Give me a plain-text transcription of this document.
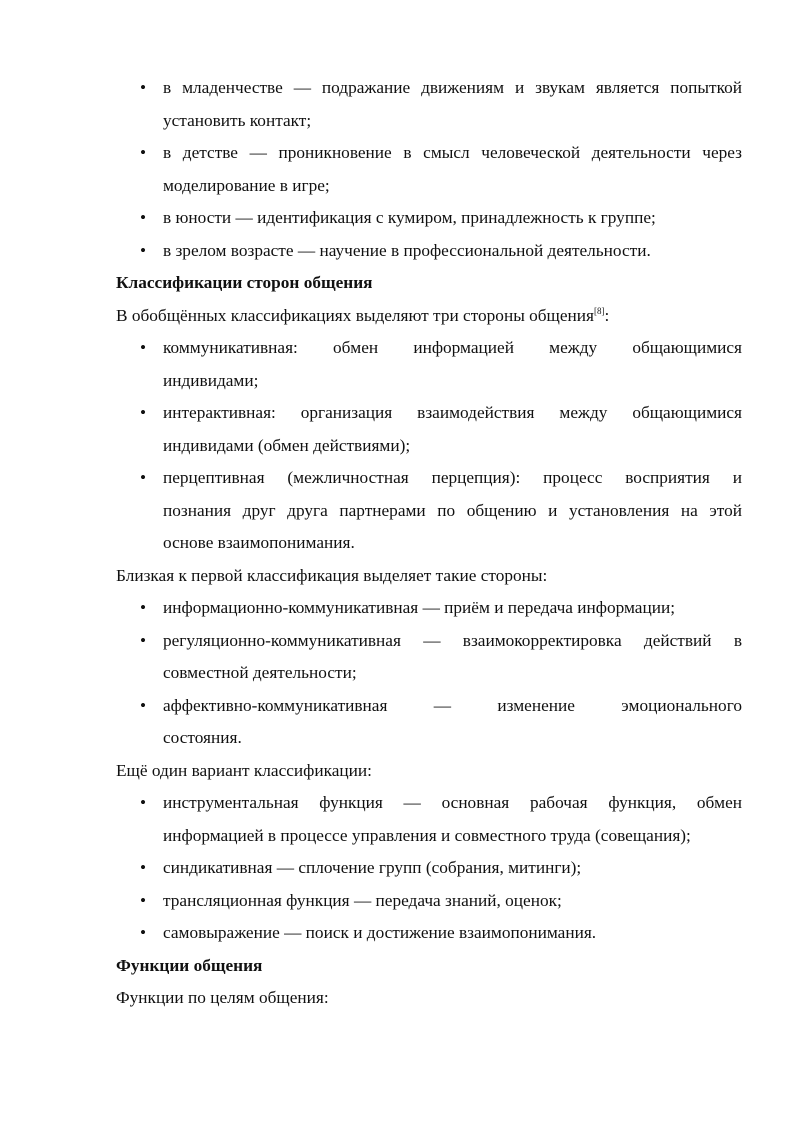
• в младенчестве — подражание движениям и звукам является попыткой
установить контакт;
• в детстве — проникновение в смысл человеческой деятельности через
моделирование в игре;
• в юности — идентификация с кумиром, принадлежность к группе;
• в зрелом возрасте — научение в профессиональной деятельности.

Классификации сторон общения

В обобщённых классификациях выделяют три стороны общения[8]:

• коммуникативная: обмен информацией между общающимися
индивидами;
• интерактивная: организация взаимодействия между общающимися
индивидами (обмен действиями);
• перцептивная (межличностная перцепция): процесс восприятия и
познания друг друга партнерами по общению и установления на этой
основе взаимопонимания.

Близкая к первой классификация выделяет такие стороны:

• информационно-коммуникативная — приём и передача информации;
• регуляционно-коммуникативная — взаимокорректировка действий в
совместной деятельности;
• аффективно-коммуникативная — изменение эмоционального
состояния.

Ещё один вариант классификации:

• инструментальная функция — основная рабочая функция, обмен
информацией в процессе управления и совместного труда (совещания);
• синдикативная — сплочение групп (собрания, митинги);
• трансляционная функция — передача знаний, оценок;
• самовыражение — поиск и достижение взаимопонимания.

Функции общения

Функции по целям общения:
